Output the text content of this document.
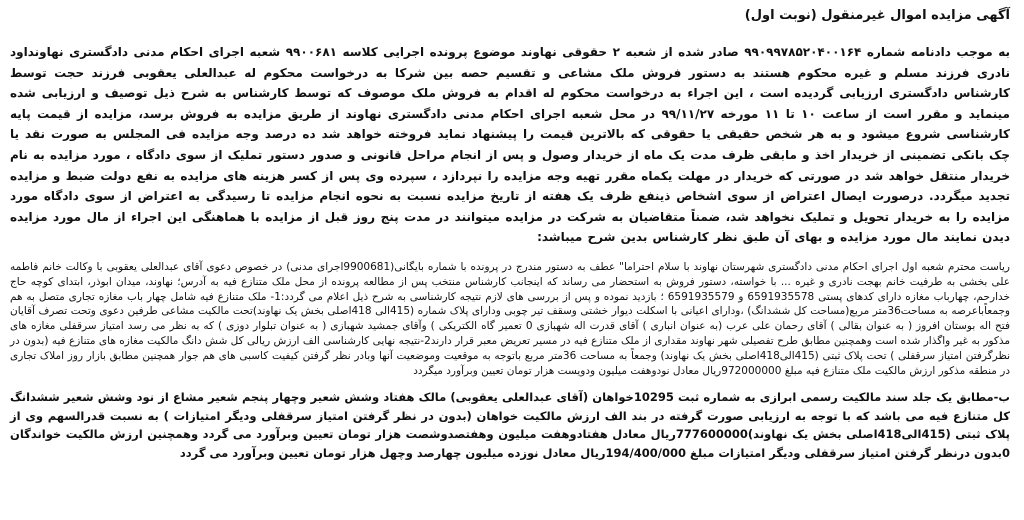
آگهی مزایده اموال غیرمنقول (نوبت اول)

به موجب دادنامه شماره ۹۹۰۹۹۷۸۵۲۰۴۰۰۱۶۴ صادر شده از شعبه ۲ حقوقی نهاوند موضوع پرونده اجرایی کلاسه ۹۹۰۰۶۸۱ شعبه اجرای احکام مدنی دادگستری نهاونداود نادری فرزند مسلم و غیره محکوم هستند به دستور فروش ملک مشاعی و تقسیم حصه بین شرکا به درخواست محکوم له عبدالعلی یعقوبی فرزند حجت توسط کارشناس دادگستری ارزیابی گردیده است ، این اجراء به درخواست محکوم له اقدام به فروش ملک موصوف که توسط کارشناس به شرح ذیل توصیف و ارزیابی شده مینماید و مقرر است از ساعت ۱۰ تا ۱۱ مورخه ۹۹/۱۱/۲۷ در محل شعبه اجرای احکام مدنی دادگستری نهاوند از طریق مزایده به فروش برسد، مزایده از قیمت پایه کارشناسی شروع میشود و به هر شخص حقیقی یا حقوقی که بالاترین قیمت را پیشنهاد نماید فروخته خواهد شد ده درصد وجه مزایده فی المجلس به صورت نقد یا چک بانکی تضمینی از خریدار اخذ و مابقی ظرف مدت یک ماه از خریدار وصول و پس از انجام مراحل قانونی و صدور دستور تملیک از سوی دادگاه ، مورد مزایده به نام خریدار منتقل خواهد شد در صورتی که خریدار در مهلت یکماه مقرر تهیه وجه مزایده را نپردازد ، سپرده وی پس از کسر هزینه های مزایده به نفع دولت ضبط و مزایده تجدید میگردد. درصورت ایصال اعتراض از سوی اشخاص ذینفع ظرف یک هفته از تاریخ مزایده نسبت به نحوه انجام مزایده تا رسیدگی به اعتراض از سوی دادگاه مورد مزایده را به خریدار تحویل و تملیک نخواهد شد، ضمناً متقاضیان به شرکت در مزایده میتوانند در مدت پنج روز قبل از مزایده با هماهنگی این اجراء از مال مورد مزایده دیدن نمایند مال مورد مزایده و بهای آن طبق نظر کارشناس بدین شرح میباشد:

ریاست محترم شعبه اول اجرای احکام مدنی دادگستری شهرستان نهاوند با سلام احتراما" عطف به دستور مندرج در پرونده با شماره بایگانی(9900681اجرای مدنی) در خصوص دعوی آقای عبدالعلی یعقوبی با وکالت خانم فاطمه علی بخشی به طرفیت خانم بهجت نادری و غیره ... با خواسته، دستور فروش به استحضار می رساند که اینجانب کارشناس منتخب پس از مطالعه پرونده از محل ملک متنازع فیه به آدرس؛ نهاوند، میدان ابوذر، ابتدای کوچه حاج خدارحم، چهارباب مغازه دارای کدهای پستی 6591935578 و 6591935579 ؛ بازدید نموده و پس از بررسی های لازم نتیجه کارشناسی به شرح ذیل اعلام می گردد:1- ملک متنازع فیه شامل چهار باب مغازه تجاری متصل به هم وجمعاًباعرصه به مساحت36متر مربع(مساحت کل ششدانگ) ،ودارای اعیانی با اسکلت دیوار خشتی وسقف تیر چوبی ودارای پلاک شماره (415الی 418اصلی بخش یک نهاوند)تحت مالکیت مشاعی طرفین دعوی وتحت تصرف آقایان فتح اله بوستان افروز ( به عنوان بقالی ) آقای رحمان علی عرب (به عنوان انباری ) آقای قدرت اله شهبازی 0 تعمیر گاه الکتریکی ) وآقای جمشید شهبازی ( به عنوان تبلوار دوزی ) که به نظر می رسد امتیاز سرقفلی مغازه های مذکور به غیر واگذار شده است وهمچنین مطابق طرح تفصیلی شهر نهاوند مقداری از ملک متنازع فیه در مسیر تعریض معبر قرار دارند2-نتیجه نهایی کارشناسی الف ارزش ریالی کل شش دانگ مالکیت مغازه های متنازع فیه (بدون در نظرگرفتن امتیاز سرقفلی ) تحت پلاک ثبتی (415الی418اصلی بخش یک نهاوند) وجمعاً به مساحت 36متر مربع باتوجه به موقعیت وموضعیت آنها وبادر نظر گرفتن کیفیت کاسبی های هم جوار همچنین مطابق بازار روز املاک تجاری در منطقه مذکور ارزش مالکیت ملک متنازع فیه مبلغ 972000000ریال معادل نودوهفت میلیون ودویست هزار تومان تعیین وبرآورد میگردد

ب-مطابق یک جلد سند مالکیت رسمی ابرازی به شماره ثبت 10295خواهان (آقای عبدالعلی یعقوبی) مالک هفتاد وشش شعیر وچهار پنجم شعیر مشاع از نود وشش شعیر ششدانگ کل متنازع فیه می باشد که با توجه به ارزیابی صورت گرفته در بند الف ارزش مالکیت خواهان (بدون در نظر گرفتن امتیاز سرقفلی ودیگر امتیازات ) به نسبت قدرالسهم وی از پلاک ثبتی (415الی418اصلی بخش یک نهاوند)777600000ریال معادل هفتادوهفت میلیون وهفتصدوشصت هزار تومان تعیین وبرآورد می گردد وهمچنین ارزش مالکیت خواندگان 0بدون درنظر گرفتن امتیاز سرقفلی ودیگر امتیازات مبلغ 194/400/000ریال معادل نوزده میلیون چهارصد وچهل هزار تومان تعیین وبرآورد می گردد
